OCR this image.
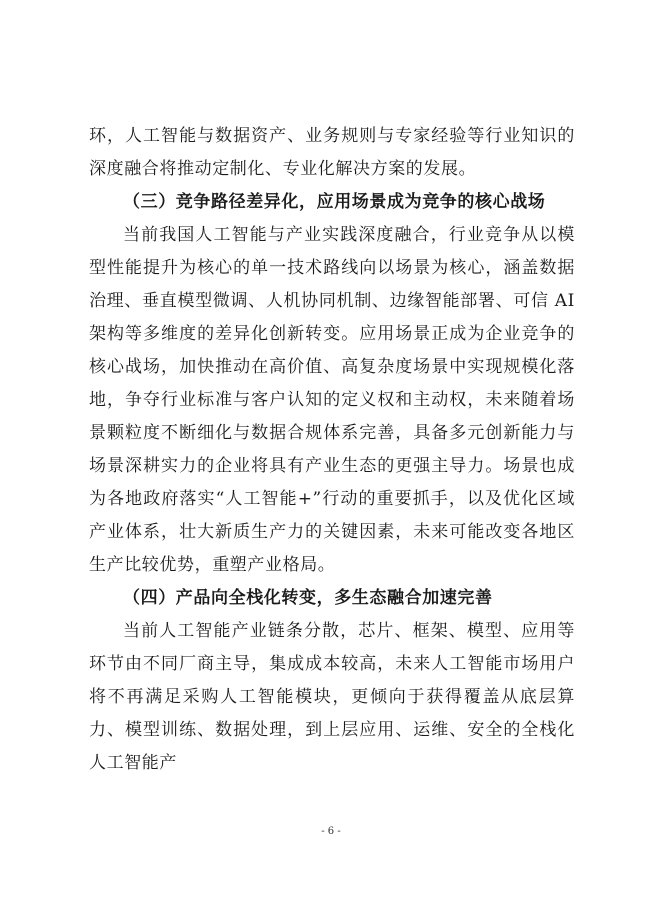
环，人工智能与数据资产、业务规则与专家经验等行业知识的深度融合将推动定制化、专业化解决方案的发展。

（三）竞争路径差异化，应用场景成为竞争的核心战场

当前我国人工智能与产业实践深度融合，行业竞争从以模型性能提升为核心的单一技术路线向以场景为核心，涵盖数据治理、垂直模型微调、人机协同机制、边缘智能部署、可信 AI 架构等多维度的差异化创新转变。应用场景正成为企业竞争的核心战场，加快推动在高价值、高复杂度场景中实现规模化落地，争夺行业标准与客户认知的定义权和主动权，未来随着场景颗粒度不断细化与数据合规体系完善，具备多元创新能力与场景深耕实力的企业将具有产业生态的更强主导力。场景也成为各地政府落实“人工智能+”行动的重要抓手，以及优化区域产业体系，壮大新质生产力的关键因素，未来可能改变各地区生产比较优势，重塑产业格局。

（四）产品向全栈化转变，多生态融合加速完善

当前人工智能产业链条分散，芯片、框架、模型、应用等环节由不同厂商主导，集成成本较高，未来人工智能市场用户将不再满足采购人工智能模块，更倾向于获得覆盖从底层算力、模型训练、数据处理，到上层应用、运维、安全的全栈化人工智能产

- 6 -
